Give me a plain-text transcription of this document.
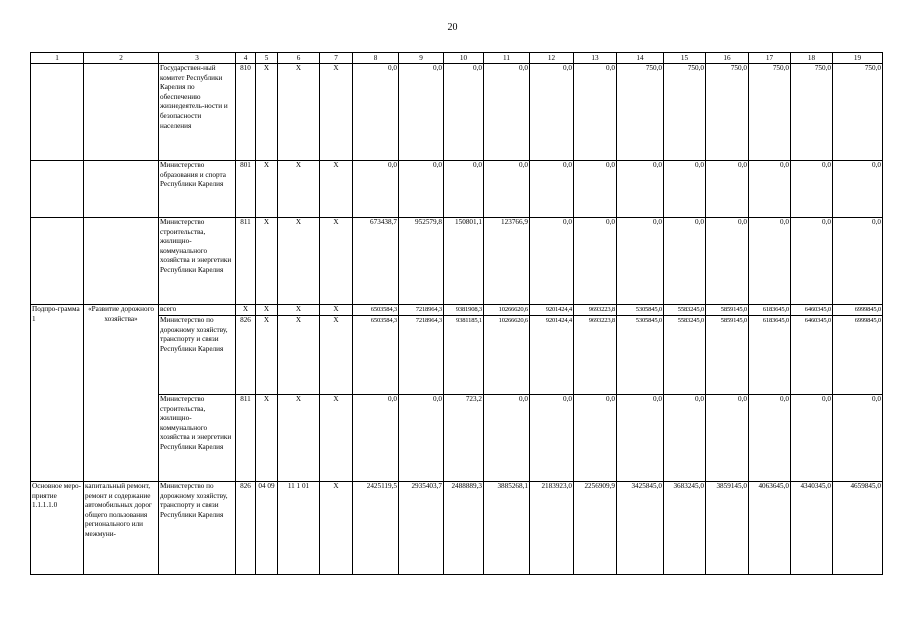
20
1	2	3	4	5	6	7	8	9	10	11	12	13	14	15	16	17	18	19
		Государствен-ный комитет Республики Карелия по обеспечению жизнедеятель-ности и безопасности населения	810	X	X	X	0,0	0,0	0,0	0,0	0,0	0,0	750,0	750,0	750,0	750,0	750,0	750,0
		Министерство образования и спорта Республики Карелия	801	X	X	X	0,0	0,0	0,0	0,0	0,0	0,0	0,0	0,0	0,0	0,0	0,0	0,0
		Министерство строительства, жилищно-коммунального хозяйства и энергетики Республики Карелия	811	X	X	X	673438,7	952579,8	150801,1	123766,9	0,0	0,0	0,0	0,0	0,0	0,0	0,0	0,0
Подпро-грамма 1	«Развитие дорожного хозяйства»	всего	X	X	X	X	6503584,3	7218964,3	9381908,3	10266620,6	9201424,4	9693223,8	5305845,0	5583245,0	5859145,0	6183645,0	6460345,0	6999845,0
		Министерство по дорожному хозяйству, транспорту и связи Республики Карелия	826	X	X	X	6503584,3	7218964,3	9381185,1	10266620,6	9201424,4	9693223,8	5305845,0	5583245,0	5859145,0	6183645,0	6460345,0	6999845,0
		Министерство строительства, жилищно-коммунального хозяйства и энергетики Республики Карелия	811	X	X	X	0,0	0,0	723,2	0,0	0,0	0,0	0,0	0,0	0,0	0,0	0,0	0,0
Основное меро-приятие 1.1.1.1.0	капитальный ремонт, ремонт и содержание автомобильных дорог общего пользования регионального или межмуни-	Министерство по дорожному хозяйству, транспорту и связи Республики Карелия	826	04 09	11 1 01	X	2425119,5	2935403,7	2488889,3	3885268,1	2183923,0	2256909,9	3425845,0	3683245,0	3859145,0	4063645,0	4340345,0	4659845,0
